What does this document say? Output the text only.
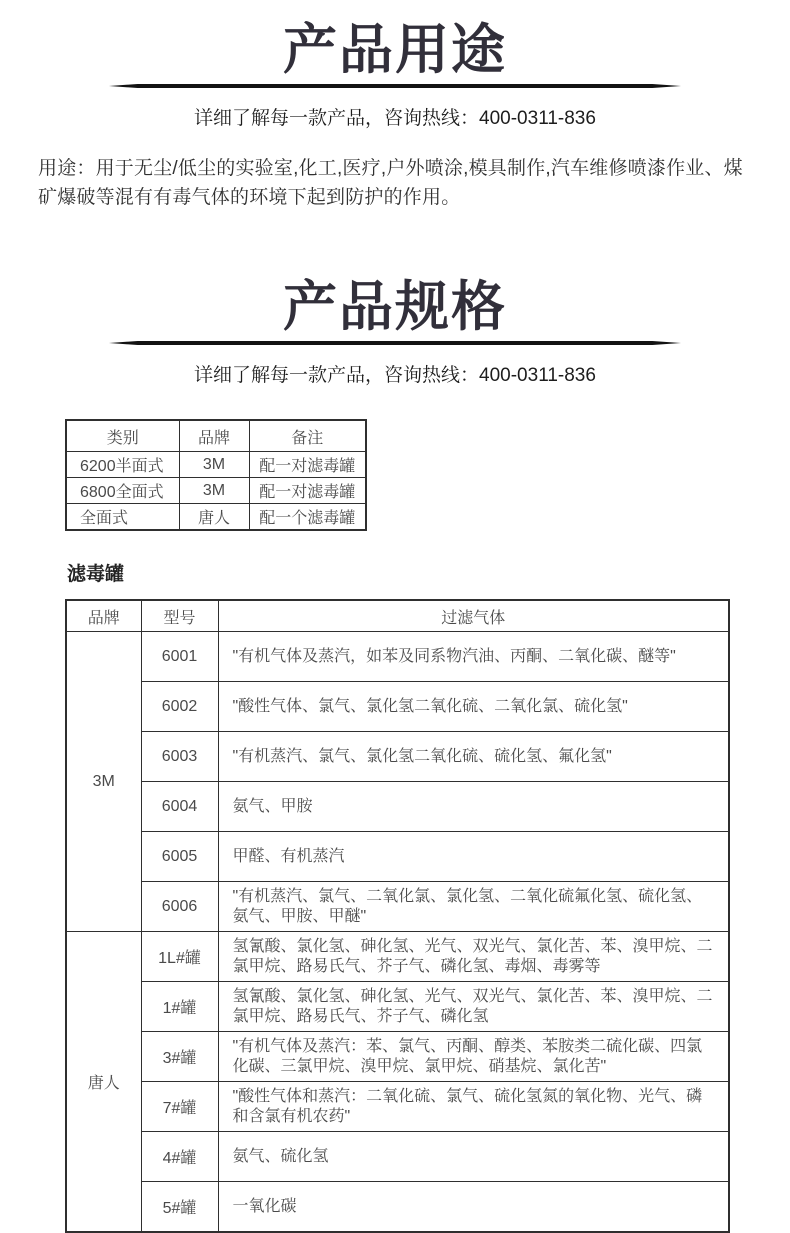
产品用途

详细了解每一款产品，咨询热线：400-0311-836

用途：用于无尘/低尘的实验室,化工,医疗,户外喷涂,模具制作,汽车维修喷漆作业、煤矿爆破等混有有毒气体的环境下起到防护的作用。

产品规格

详细了解每一款产品，咨询热线：400-0311-836

类别	品牌	备注
6200半面式	3M	配一对滤毒罐
6800全面式	3M	配一对滤毒罐
全面式	唐人	配一个滤毒罐
滤毒罐
品牌	型号	过滤气体
3M	6001	"有机气体及蒸汽，如苯及同系物汽油、丙酮、二氧化碳、醚等"
	6002	"酸性气体、氯气、氯化氢二氧化硫、二氧化氯、硫化氢"
	6003	"有机蒸汽、氯气、氯化氢二氧化硫、硫化氢、氟化氢"
	6004	氨气、甲胺
	6005	甲醛、有机蒸汽
	6006	"有机蒸汽、氯气、二氧化氯、氯化氢、二氧化硫氟化氢、硫化氢、氨气、甲胺、甲醚"
唐人	1L#罐	氢氰酸、氯化氢、砷化氢、光气、双光气、氯化苦、苯、溴甲烷、二氯甲烷、路易氏气、芥子气、磷化氢、毒烟、毒雾等
	1#罐	氢氰酸、氯化氢、砷化氢、光气、双光气、氯化苦、苯、溴甲烷、二氯甲烷、路易氏气、芥子气、磷化氢
	3#罐	"有机气体及蒸汽：苯、氯气、丙酮、醇类、苯胺类二硫化碳、四氯化碳、三氯甲烷、溴甲烷、氯甲烷、硝基烷、氯化苦"
	7#罐	"酸性气体和蒸汽：二氧化硫、氯气、硫化氢氮的氧化物、光气、磷和含氯有机农药"
	4#罐	氨气、硫化氢
	5#罐	一氧化碳
